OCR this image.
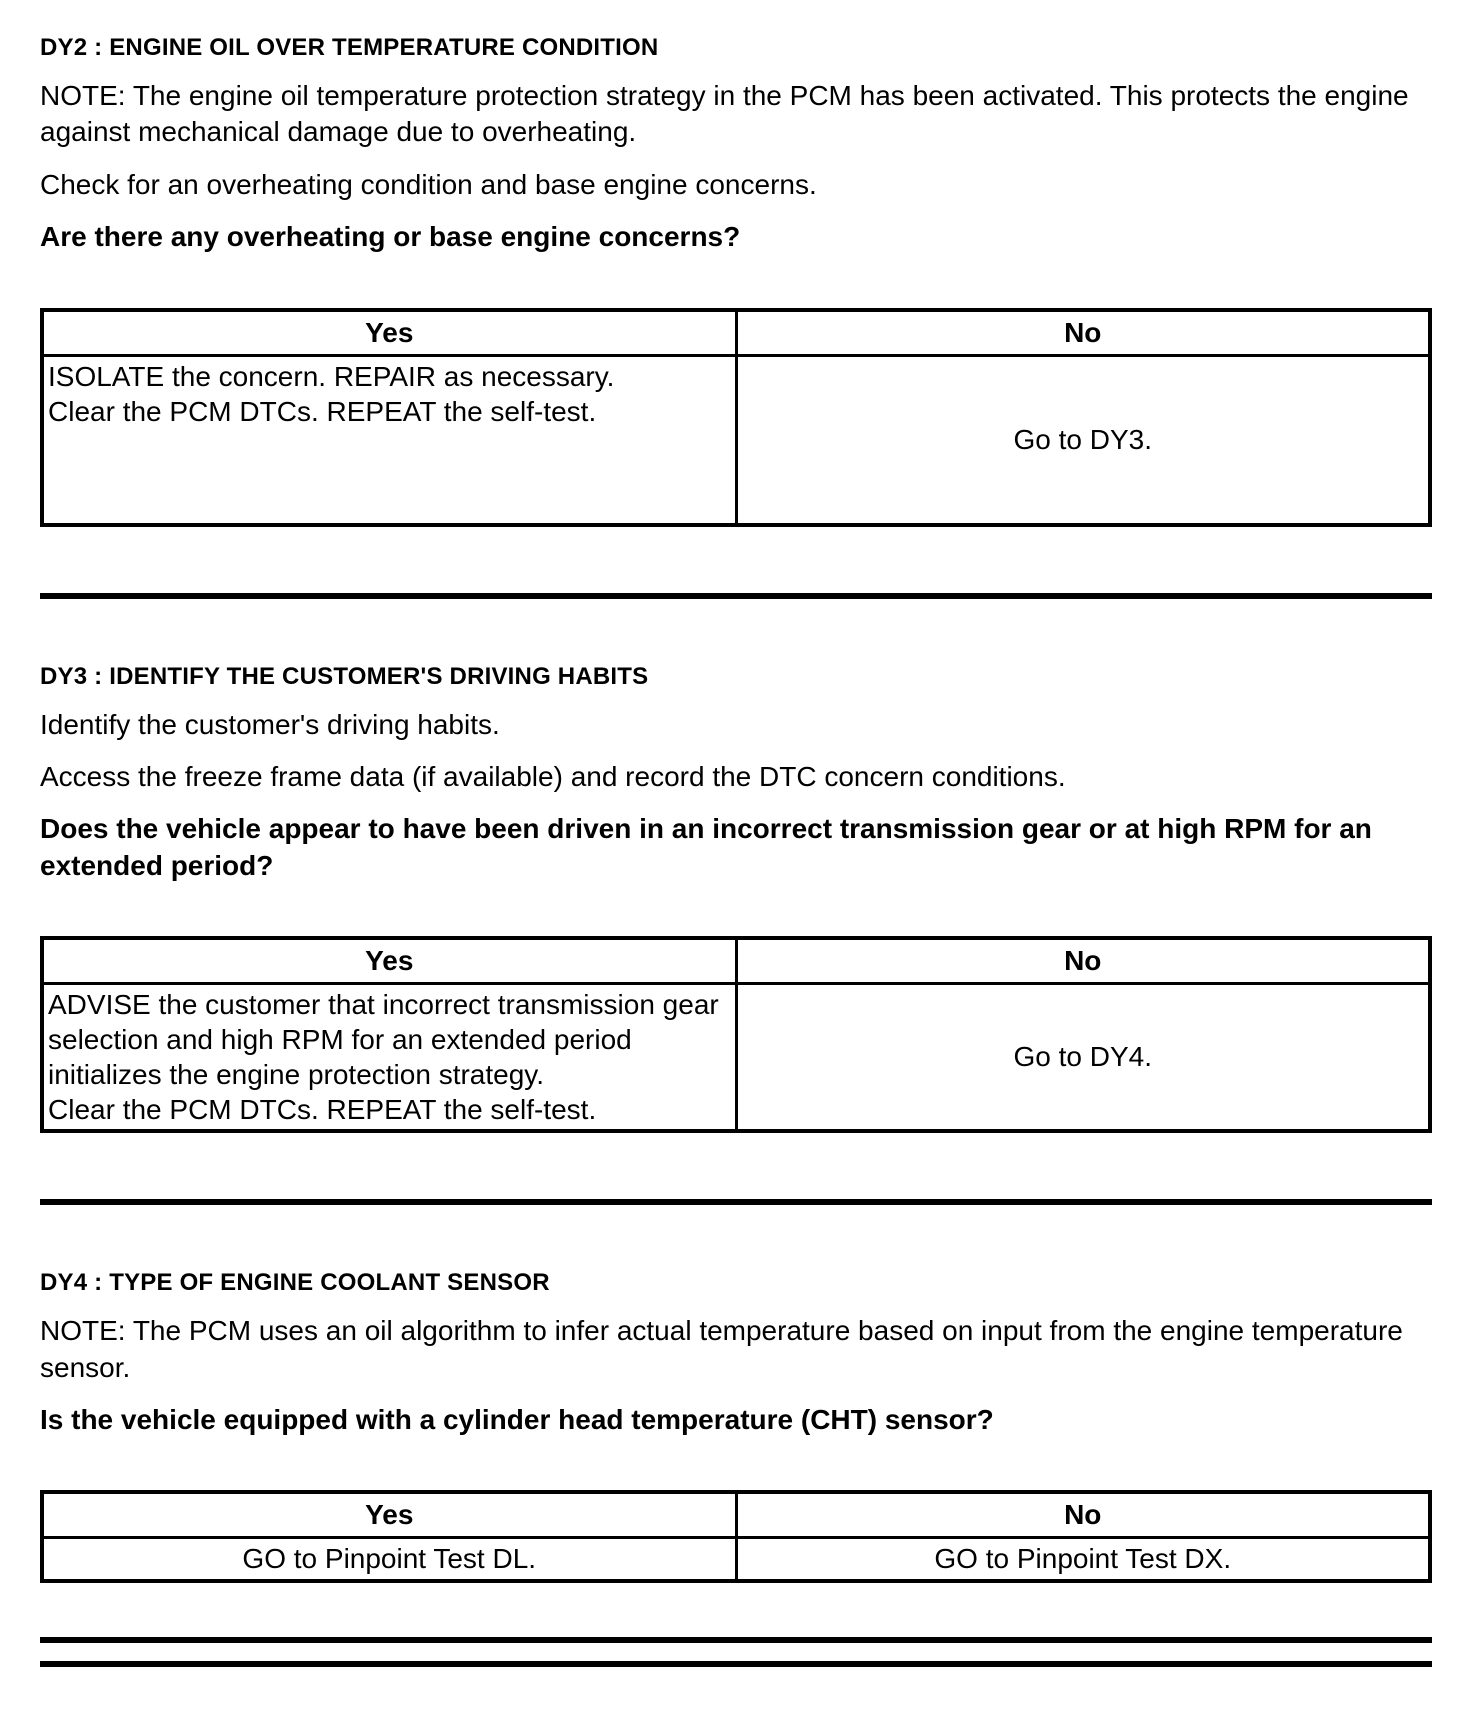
DY2 : ENGINE OIL OVER TEMPERATURE CONDITION

NOTE: The engine oil temperature protection strategy in the PCM has been activated. This protects the engine against mechanical damage due to overheating.

Check for an overheating condition and base engine concerns.

Are there any overheating or base engine concerns?

Yes	No

ISOLATE the concern. REPAIR as necessary.
Clear the PCM DTCs. REPEAT the self-test.	Go to DY3.
DY3 : IDENTIFY THE CUSTOMER'S DRIVING HABITS

Identify the customer's driving habits.

Access the freeze frame data (if available) and record the DTC concern conditions.

Does the vehicle appear to have been driven in an incorrect transmission gear or at high RPM for an extended period?

Yes	No

ADVISE the customer that incorrect transmission gear selection and high RPM for an extended period initializes the engine protection strategy.
Clear the PCM DTCs. REPEAT the self-test.	Go to DY4.
DY4 : TYPE OF ENGINE COOLANT SENSOR

NOTE: The PCM uses an oil algorithm to infer actual temperature based on input from the engine temperature sensor.

Is the vehicle equipped with a cylinder head temperature (CHT) sensor?

Yes	No
GO to Pinpoint Test DL.	GO to Pinpoint Test DX.
